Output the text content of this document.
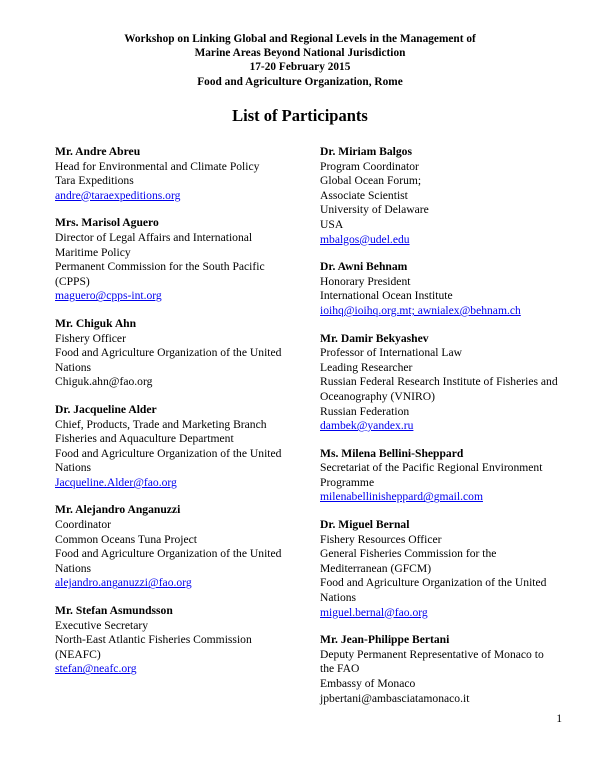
Workshop on Linking Global and Regional Levels in the Management of
Marine Areas Beyond National Jurisdiction
17-20 February 2015
Food and Agriculture Organization, Rome
List of Participants
Mr. Andre Abreu
Head for Environmental and Climate Policy
Tara Expeditions
andre@taraexpeditions.org
Mrs. Marisol Aguero
Director of Legal Affairs and International
Maritime Policy
Permanent Commission for the South Pacific
(CPPS)
maguero@cpps-int.org
Mr. Chiguk Ahn
Fishery Officer
Food and Agriculture Organization of the United
Nations
Chiguk.ahn@fao.org
Dr. Jacqueline Alder
Chief, Products, Trade and Marketing Branch
Fisheries and Aquaculture Department
Food and Agriculture Organization of the United
Nations
Jacqueline.Alder@fao.org
Mr. Alejandro Anganuzzi
Coordinator
Common Oceans Tuna Project
Food and Agriculture Organization of the United
Nations
alejandro.anganuzzi@fao.org
Mr. Stefan Asmundsson
Executive Secretary
North-East Atlantic Fisheries Commission
(NEAFC)
stefan@neafc.org
Dr. Miriam Balgos
Program Coordinator
Global Ocean Forum;
Associate Scientist
University of Delaware
USA
mbalgos@udel.edu
Dr. Awni Behnam
Honorary President
International Ocean Institute
ioihq@ioihq.org.mt; awnialex@behnam.ch
Mr. Damir Bekyashev
Professor of International Law
Leading Researcher
Russian Federal Research Institute of Fisheries and
Oceanography (VNIRO)
Russian Federation
dambek@yandex.ru
Ms. Milena Bellini-Sheppard
Secretariat of the Pacific Regional Environment
Programme
milenabellinisheppard@gmail.com
Dr. Miguel Bernal
Fishery Resources Officer
General Fisheries Commission for the
Mediterranean (GFCM)
Food and Agriculture Organization of the United
Nations
miguel.bernal@fao.org
Mr. Jean-Philippe Bertani
Deputy Permanent Representative of Monaco to
the FAO
Embassy of Monaco
jpbertani@ambasciatamonaco.it
1
